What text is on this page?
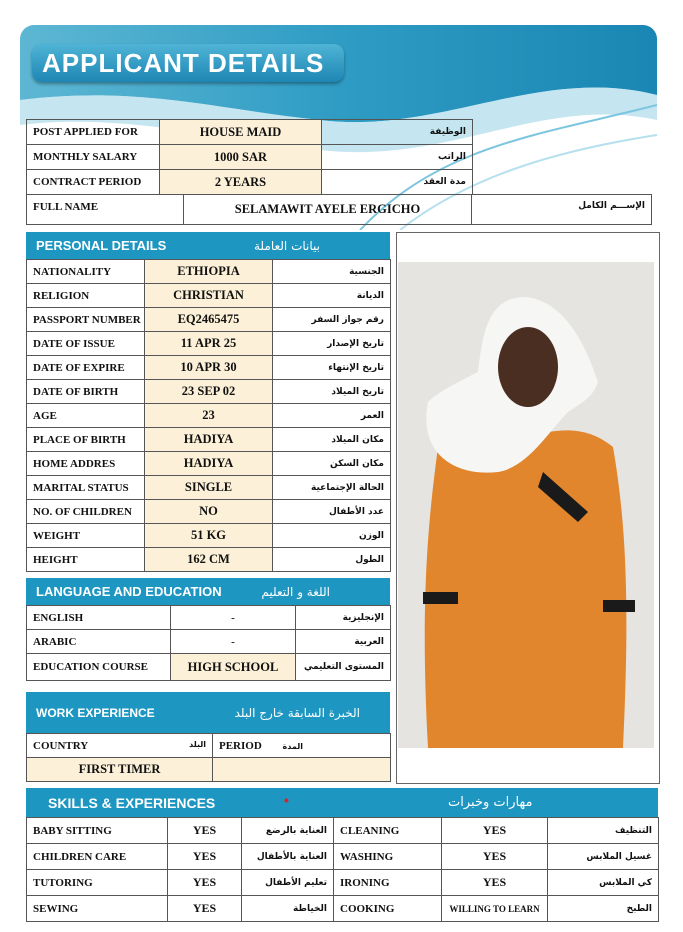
APPLICANT DETAILS
POST APPLIED FOR	HOUSE MAID	الوظيفة
MONTHLY SALARY	1000 SAR	الراتب
CONTRACT PERIOD	2 YEARS	مدة العقد
FULL NAME	SELAMAWIT AYELE ERGICHO	الإســـم الكامل
PERSONAL DETAILS	بيانات العاملة
NATIONALITY	ETHIOPIA	الجنسية
RELIGION	CHRISTIAN	الديانة
PASSPORT NUMBER	EQ2465475	رقم جواز السفر
DATE OF ISSUE	11 APR 25	تاريخ الإصدار
DATE OF EXPIRE	10 APR 30	تاريخ الإنتهاء
DATE OF BIRTH	23 SEP 02	تاريخ الميلاد
AGE	23	العمر
PLACE OF BIRTH	HADIYA	مكان الميلاد
HOME ADDRES	HADIYA	مكان السكن
MARITAL STATUS	SINGLE	الحالة الإجتماعية
NO. OF CHILDREN	NO	عدد الأطفال
WEIGHT	51 KG	الوزن
HEIGHT	162 CM	الطول
LANGUAGE AND EDUCATION	اللغة و التعليم
ENGLISH	-	الإنجليزية
ARABIC	-	العربية
EDUCATION COURSE	HIGH SCHOOL	المستوى التعليمي
WORK EXPERIENCE	الخبرة السابقة خارج البلد
COUNTRY البلد	PERIOD المدة
FIRST TIMER	
SKILLS & EXPERIENCES	•	مهارات وخبرات
BABY SITTING	YES	العناية بالرضع	CLEANING	YES	التنظيف
CHILDREN CARE	YES	العناية بالأطفال	WASHING	YES	غسيل الملابس
TUTORING	YES	تعليم الأطفال	IRONING	YES	كي الملابس
SEWING	YES	الخياطة	COOKING	WILLING TO LEARN	الطبخ
